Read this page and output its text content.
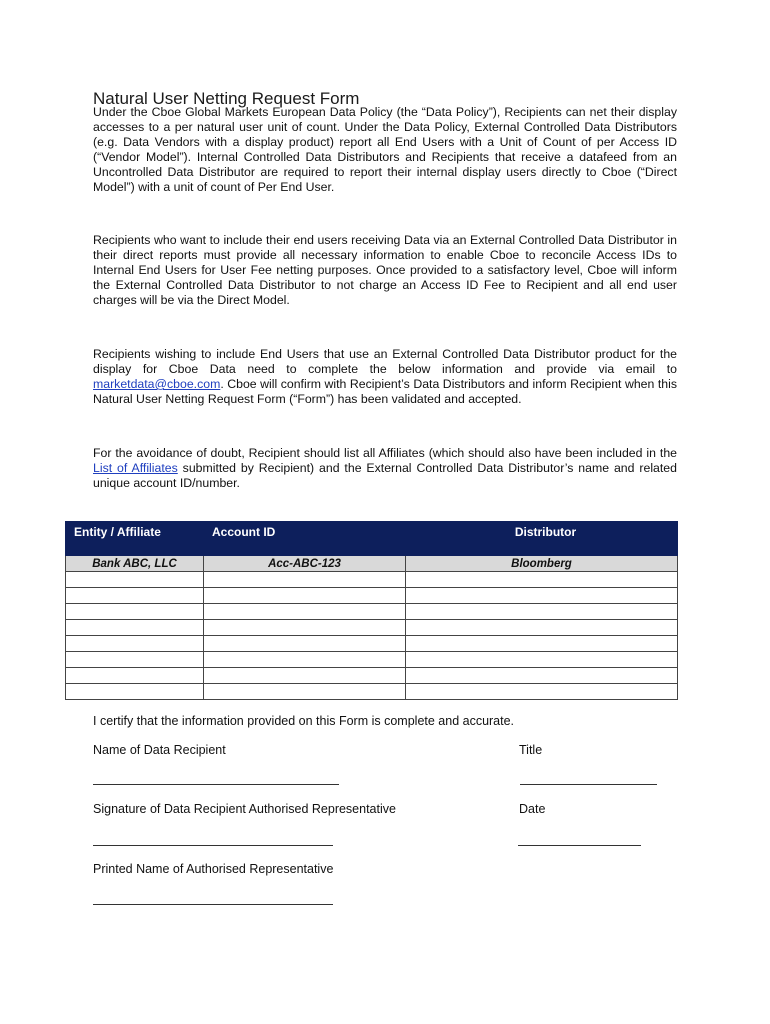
Natural User Netting Request Form

Under the Cboe Global Markets European Data Policy (the “Data Policy”), Recipients can net their display accesses to a per natural user unit of count. Under the Data Policy, External Controlled Data Distributors (e.g. Data Vendors with a display product) report all End Users with a Unit of Count of per Access ID (“Vendor Model”). Internal Controlled Data Distributors and Recipients that receive a datafeed from an Uncontrolled Data Distributor are required to report their internal display users directly to Cboe (“Direct Model”) with a unit of count of Per End User.

Recipients who want to include their end users receiving Data via an External Controlled Data Distributor in their direct reports must provide all necessary information to enable Cboe to reconcile Access IDs to Internal End Users for User Fee netting purposes. Once provided to a satisfactory level, Cboe will inform the External Controlled Data Distributor to not charge an Access ID Fee to Recipient and all end user charges will be via the Direct Model.

Recipients wishing to include End Users that use an External Controlled Data Distributor product for the display for Cboe Data need to complete the below information and provide via email to marketdata@cboe.com. Cboe will confirm with Recipient’s Data Distributors and inform Recipient when this Natural User Netting Request Form (“Form”) has been validated and accepted.

For the avoidance of doubt, Recipient should list all Affiliates (which should also have been included in the List of Affiliates submitted by Recipient) and the External Controlled Data Distributor’s name and related unique account ID/number.

Entity / Affiliate	Account ID	Distributor
Bank ABC, LLC	Acc-ABC-123	Bloomberg

I certify that the information provided on this Form is complete and accurate.
Name of Data Recipient	Title
Signature of Data Recipient Authorised Representative	Date
Printed Name of Authorised Representative
